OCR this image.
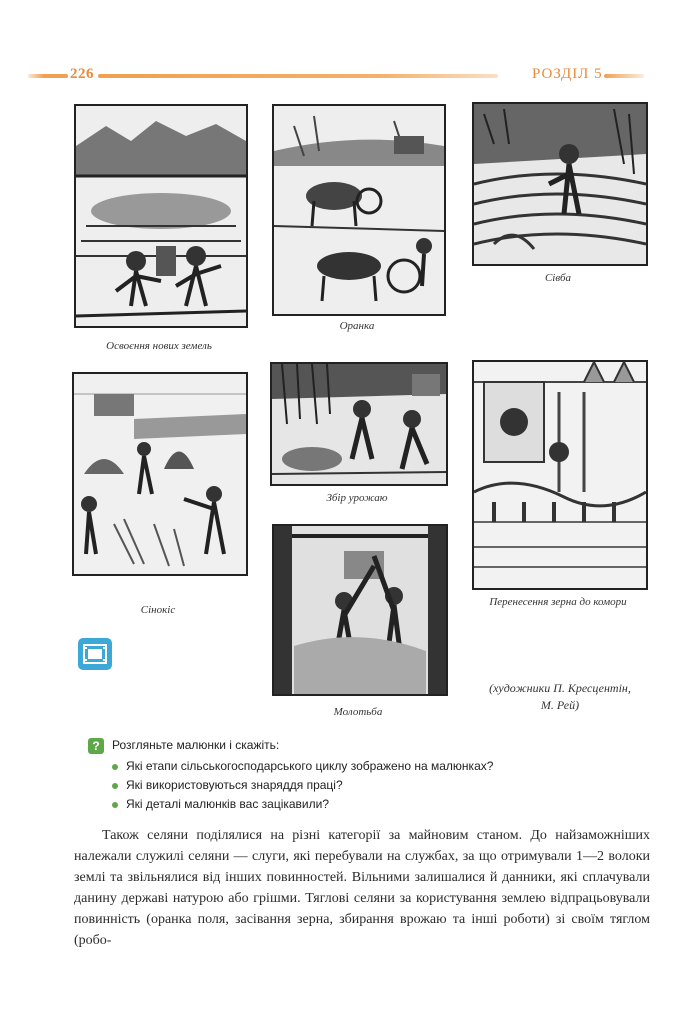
226	РОЗДІЛ 5
Освоєння нових земель
Оранка
Сівба
Сінокіс
Збір урожаю
Молотьба
Перенесення зерна до комори
(художники П. Кресцентін,
М. Рей)
?	Розгляньте малюнки і скажіть:
Які етапи сільськогосподарського циклу зображено на малюнках?
Які використовуються знаряддя праці?
Які деталі малюнків вас зацікавили?

Також селяни поділялися на різні категорії за майновим станом. До найзаможніших належали служилі селяни — слуги, які перебували на службах, за що отримували 1—2 волоки землі та звільнялися від інших повинностей. Вільними залишалися й данники, які сплачували данину державі натурою або грішми. Тяглові селяни за користування землею відпрацьовували повинність (оранка поля, засівання зерна, збирання врожаю та інші роботи) зі своїм тяглом (робо-
